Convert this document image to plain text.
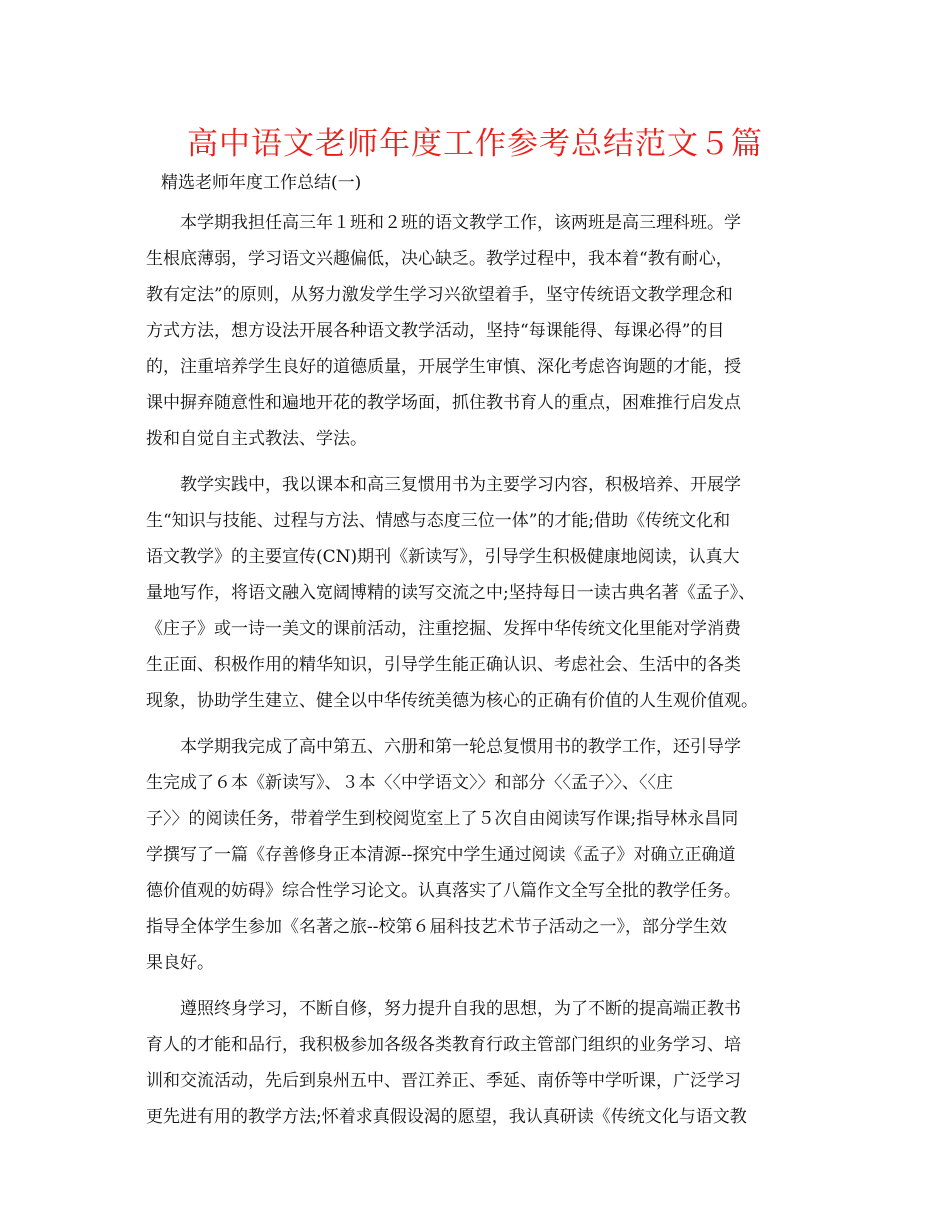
高中语文老师年度工作参考总结范文５篇

精选老师年度工作总结(一)

本学期我担任高三年１班和２班的语文教学工作，该两班是高三理科班。学
生根底薄弱，学习语文兴趣偏低，决心缺乏。教学过程中，我本着“教有耐心，
教有定法”的原则，从努力激发学生学习兴欲望着手，坚守传统语文教学理念和
方式方法，想方设法开展各种语文教学活动，坚持“每课能得、每课必得”的目
的，注重培养学生良好的道德质量，开展学生审慎、深化考虑咨询题的才能，授
课中摒弃随意性和遍地开花的教学场面，抓住教书育人的重点，困难推行启发点
拨和自觉自主式教法、学法。
教学实践中，我以课本和高三复惯用书为主要学习内容，积极培养、开展学
生“知识与技能、过程与方法、情感与态度三位一体”的才能;借助《传统文化和
语文教学》的主要宣传(CN)期刊《新读写》，引导学生积极健康地阅读，认真大
量地写作，将语文融入宽阔博精的读写交流之中;坚持每日一读古典名著《孟子》、
《庄子》或一诗一美文的课前活动，注重挖掘、发挥中华传统文化里能对学消费
生正面、积极作用的精华知识，引导学生能正确认识、考虑社会、生活中的各类
现象，协助学生建立、健全以中华传统美德为核心的正确有价值的人生观价值观。
本学期我完成了高中第五、六册和第一轮总复惯用书的教学工作，还引导学
生完成了６本《新读写》、３本〈〈中学语文〉〉和部分〈〈孟子〉〉、〈〈庄
子〉〉的阅读任务，带着学生到校阅览室上了５次自由阅读写作课;指导林永昌同
学撰写了一篇《存善修身正本清源--探究中学生通过阅读《孟子》对确立正确道
德价值观的妨碍》综合性学习论文。认真落实了八篇作文全写全批的教学任务。
指导全体学生参加《名著之旅--校第６届科技艺术节子活动之一》，部分学生效
果良好。
遵照终身学习，不断自修，努力提升自我的思想，为了不断的提高端正教书
育人的才能和品行，我积极参加各级各类教育行政主管部门组织的业务学习、培
训和交流活动，先后到泉州五中、晋江养正、季延、南侨等中学听课，广泛学习
更先进有用的教学方法;怀着求真假设渴的愿望，我认真研读《传统文化与语文教
